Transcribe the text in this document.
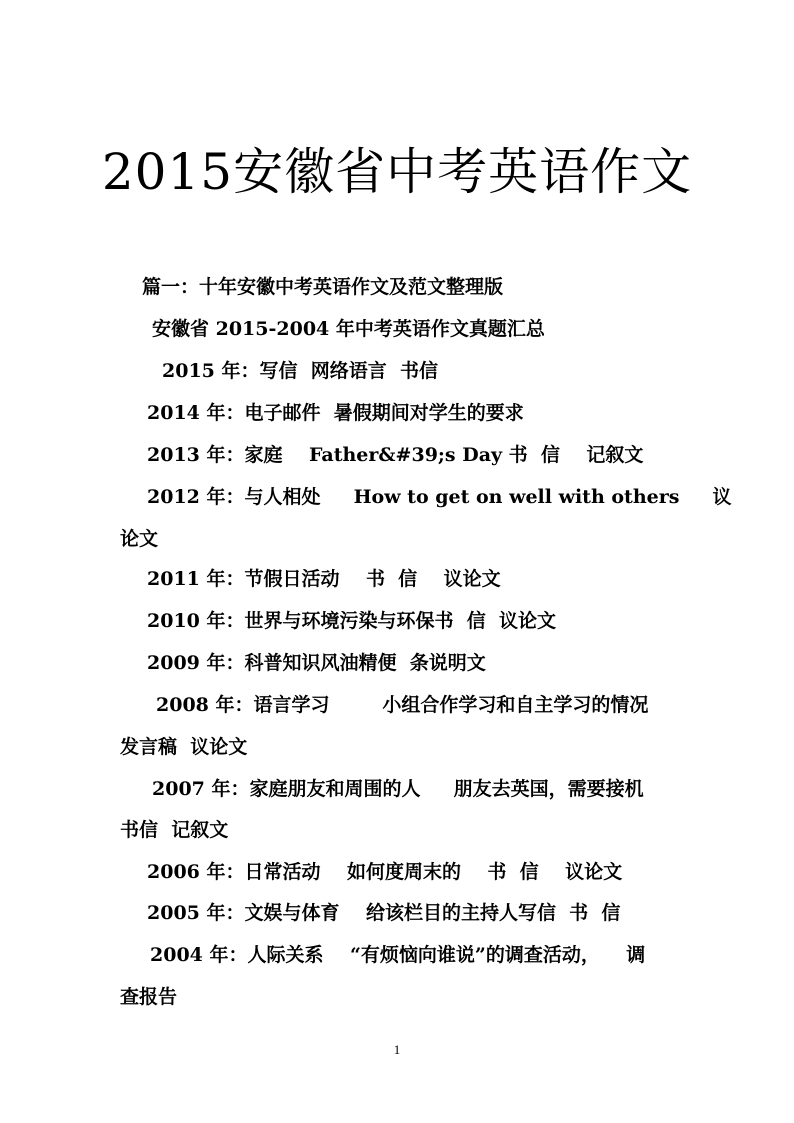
2015安徽省中考英语作文
篇一：十年安徽中考英语作文及范文整理版
安徽省 2015-2004 年中考英语作文真题汇总
2015 年：写信  网络语言  书信
2014 年：电子邮件  暑假期间对学生的要求
2013 年：家庭    Father&#39;s Day 书  信    记叙文
2012 年：与人相处     How to get on well with others     议
论文
2011 年：节假日活动    书  信    议论文
2010 年：世界与环境污染与环保书  信  议论文
2009 年：科普知识风油精便  条说明文
2008 年：语言学习        小组合作学习和自主学习的情况
发言稿  议论文
2007 年：家庭朋友和周围的人     朋友去英国，需要接机
书信  记叙文
2006 年：日常活动    如何度周末的    书  信    议论文
2005 年：文娱与体育    给该栏目的主持人写信  书  信
2004 年：人际关系    “有烦恼向谁说”的调查活动，    调
查报告
1
